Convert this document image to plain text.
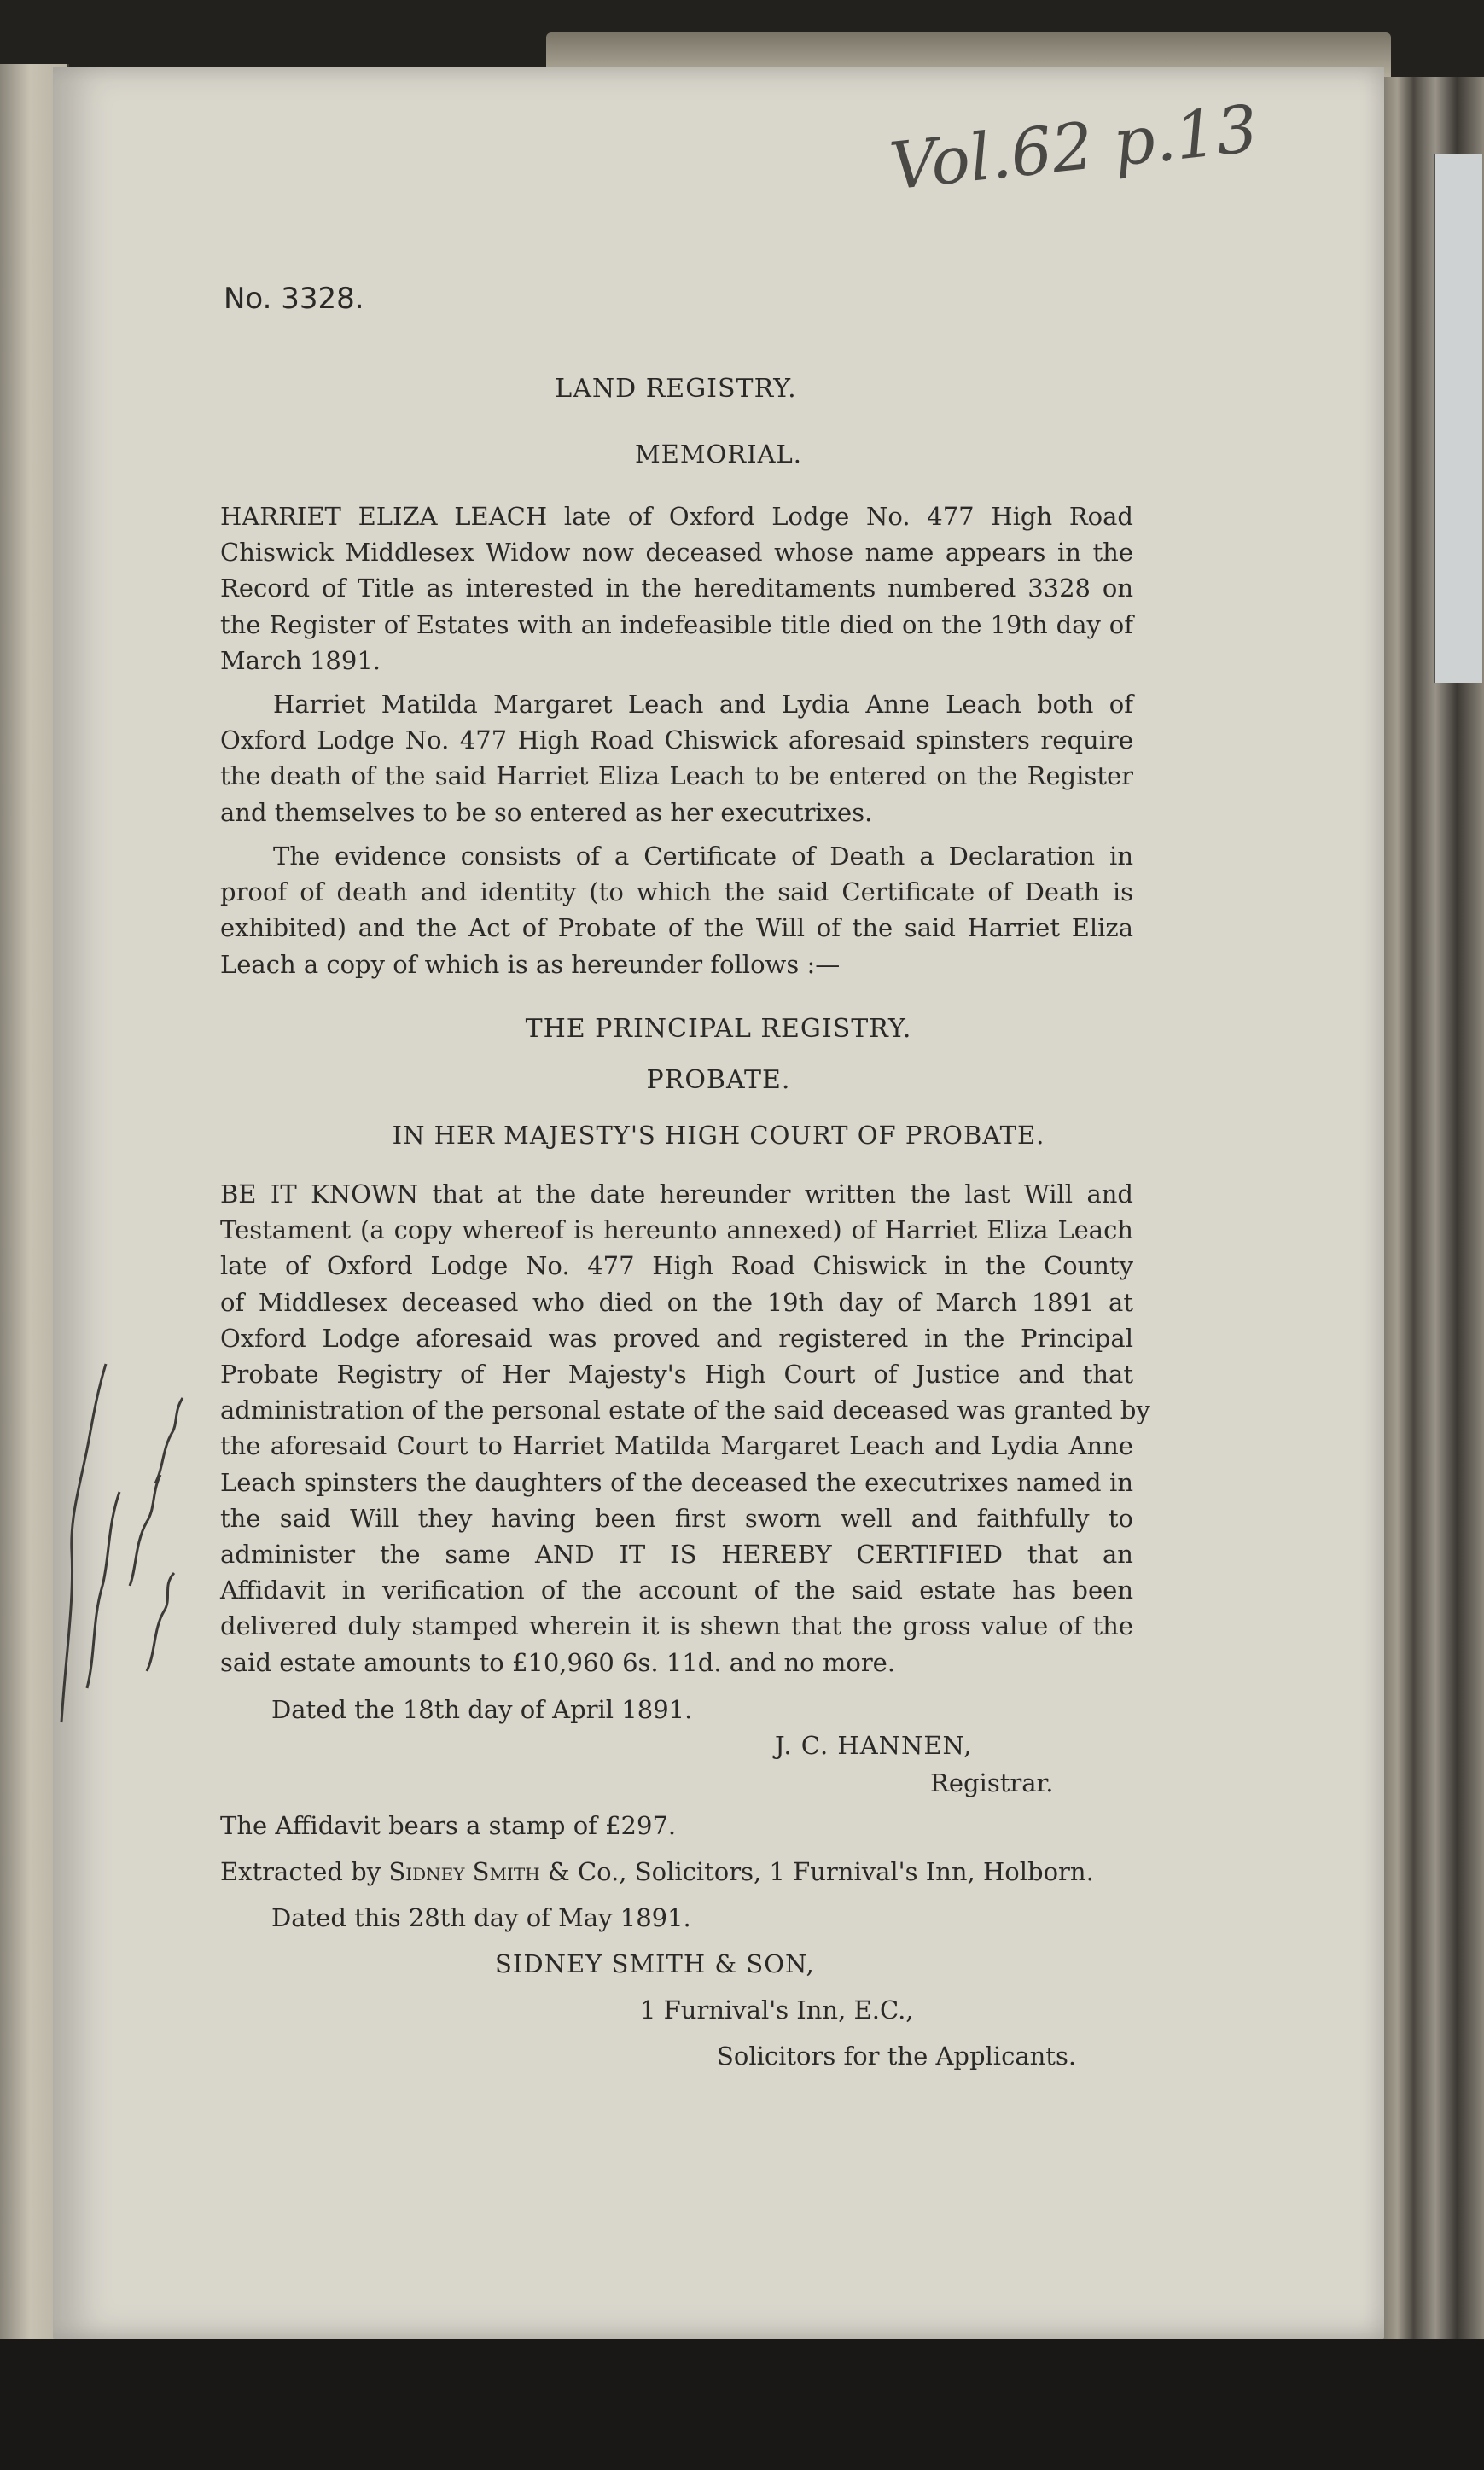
Vol.62 p.13
No. 3328.
LAND REGISTRY.
MEMORIAL.
HARRIET ELIZA LEACH late of Oxford Lodge No. 477 High Road
Chiswick Middlesex Widow now deceased whose name appears in the
Record of Title as interested in the hereditaments numbered 3328 on
the Register of Estates with an indefeasible title died on the 19th day of
March 1891.
Harriet Matilda Margaret Leach and Lydia Anne Leach both of
Oxford Lodge No. 477 High Road Chiswick aforesaid spinsters require
the death of the said Harriet Eliza Leach to be entered on the Register
and themselves to be so entered as her executrixes.
The evidence consists of a Certificate of Death a Declaration in
proof of death and identity (to which the said Certificate of Death is
exhibited) and the Act of Probate of the Will of the said Harriet Eliza
Leach a copy of which is as hereunder follows :—
THE PRINCIPAL REGISTRY.
PROBATE.
IN HER MAJESTY'S HIGH COURT OF PROBATE.
BE IT KNOWN that at the date hereunder written the last Will and
Testament (a copy whereof is hereunto annexed) of Harriet Eliza Leach
late of Oxford Lodge No. 477 High Road Chiswick in the County
of Middlesex deceased who died on the 19th day of March 1891 at
Oxford Lodge aforesaid was proved and registered in the Principal
Probate Registry of Her Majesty's High Court of Justice and that
administration of the personal estate of the said deceased was granted by
the aforesaid Court to Harriet Matilda Margaret Leach and Lydia Anne
Leach spinsters the daughters of the deceased the executrixes named in
the said Will they having been first sworn well and faithfully to
administer the same AND IT IS HEREBY CERTIFIED that an
Affidavit in verification of the account of the said estate has been
delivered duly stamped wherein it is shewn that the gross value of the
said estate amounts to £10,960 6s. 11d. and no more.
Dated the 18th day of April 1891.
J. C. HANNEN,
Registrar.
The Affidavit bears a stamp of £297.
Extracted by Sidney Smith & Co., Solicitors, 1 Furnival's Inn, Holborn.
Dated this 28th day of May 1891.
SIDNEY SMITH & SON,
1 Furnival's Inn, E.C.,
Solicitors for the Applicants.
